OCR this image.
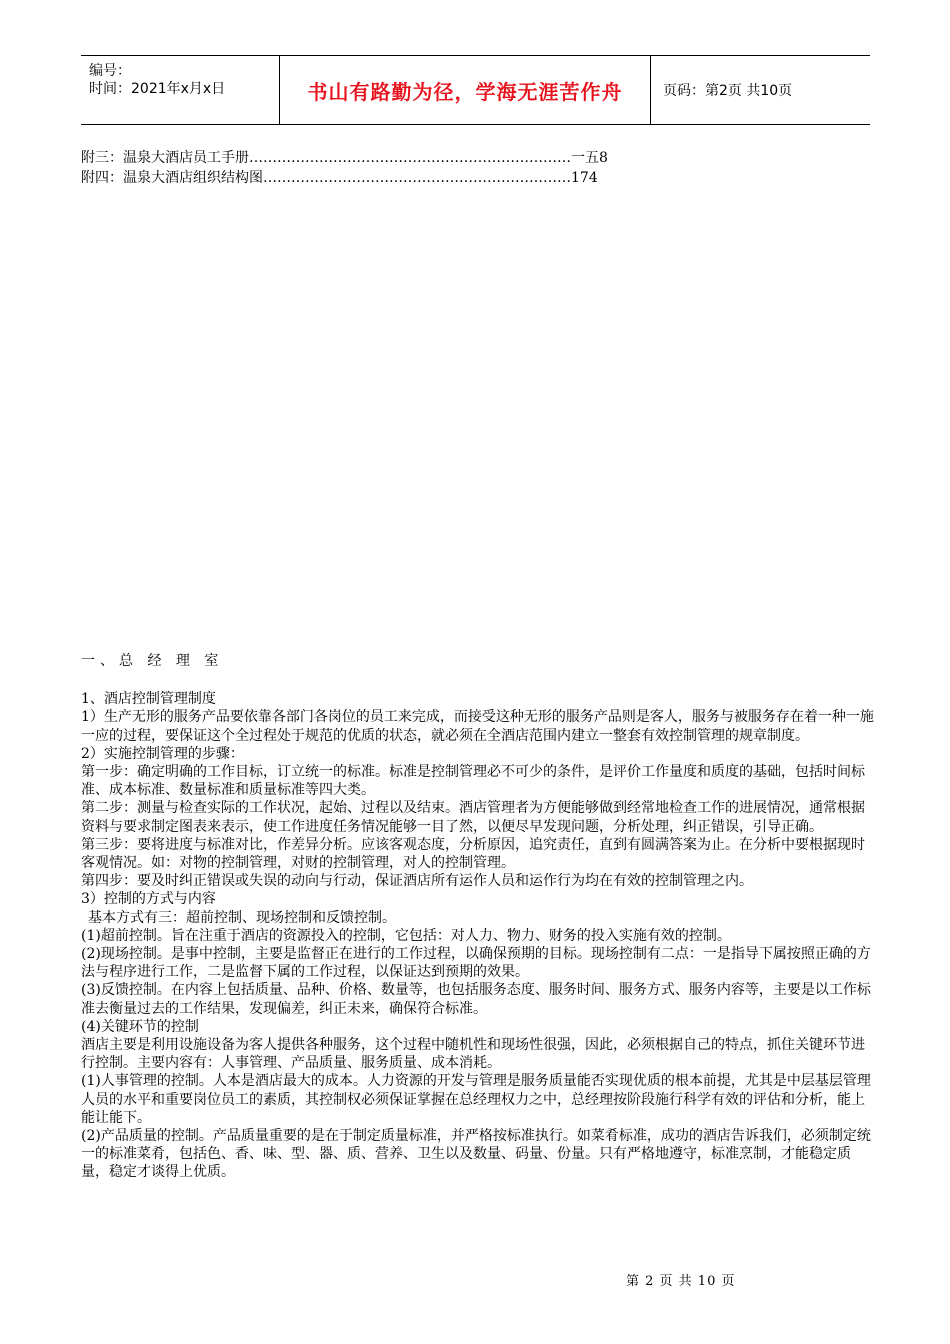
编号：
时间：2021年x月x日	书山有路勤为径，学海无涯苦作舟	页码：第2页 共10页
附三：温泉大酒店员工手册……………………………………………………………一五8
附四：温泉大酒店组织结构图…………………………………………………………174
一、总 经 理 室

1、酒店控制管理制度

1）生产无形的服务产品要依靠各部门各岗位的员工来完成，而接受这种无形的服务产品则是客人，服务与被服务存在着一种一施一应的过程，要保证这个全过程处于规范的优质的状态，就必须在全酒店范围内建立一整套有效控制管理的规章制度。

2）实施控制管理的步骤：

第一步：确定明确的工作目标，订立统一的标准。标准是控制管理必不可少的条件，是评价工作量度和质度的基础，包括时间标准、成本标准、数量标准和质量标准等四大类。

第二步：测量与检查实际的工作状况，起始、过程以及结束。酒店管理者为方便能够做到经常地检查工作的进展情况，通常根据资料与要求制定图表来表示，使工作进度任务情况能够一目了然，以便尽早发现问题，分析处理，纠正错误，引导正确。

第三步：要将进度与标准对比，作差异分析。应该客观态度，分析原因，追究责任，直到有圆满答案为止。在分析中要根据现时客观情况。如：对物的控制管理，对财的控制管理，对人的控制管理。

第四步：要及时纠正错误或失误的动向与行动，保证酒店所有运作人员和运作行为均在有效的控制管理之内。

3）控制的方式与内容

基本方式有三：超前控制、现场控制和反馈控制。

(1)超前控制。旨在注重于酒店的资源投入的控制，它包括：对人力、物力、财务的投入实施有效的控制。

(2)现场控制。是事中控制，主要是监督正在进行的工作过程，以确保预期的目标。现场控制有二点：一是指导下属按照正确的方法与程序进行工作，二是监督下属的工作过程，以保证达到预期的效果。

(3)反馈控制。在内容上包括质量、品种、价格、数量等，也包括服务态度、服务时间、服务方式、服务内容等，主要是以工作标准去衡量过去的工作结果，发现偏差，纠正未来，确保符合标准。

(4)关键环节的控制

酒店主要是利用设施设备为客人提供各种服务，这个过程中随机性和现场性很强，因此，必须根据自己的特点，抓住关键环节进行控制。主要内容有：人事管理、产品质量、服务质量、成本消耗。

(1)人事管理的控制。人本是酒店最大的成本。人力资源的开发与管理是服务质量能否实现优质的根本前提，尤其是中层基层管理人员的水平和重要岗位员工的素质，其控制权必须保证掌握在总经理权力之中，总经理按阶段施行科学有效的评估和分析，能上能让能下。

(2)产品质量的控制。产品质量重要的是在于制定质量标准，并严格按标准执行。如菜肴标准，成功的酒店告诉我们，必须制定统一的标准菜肴，包括色、香、味、型、器、质、营养、卫生以及数量、码量、份量。只有严格地遵守，标准烹制，才能稳定质量，稳定才谈得上优质。

第 2 页 共 10 页
